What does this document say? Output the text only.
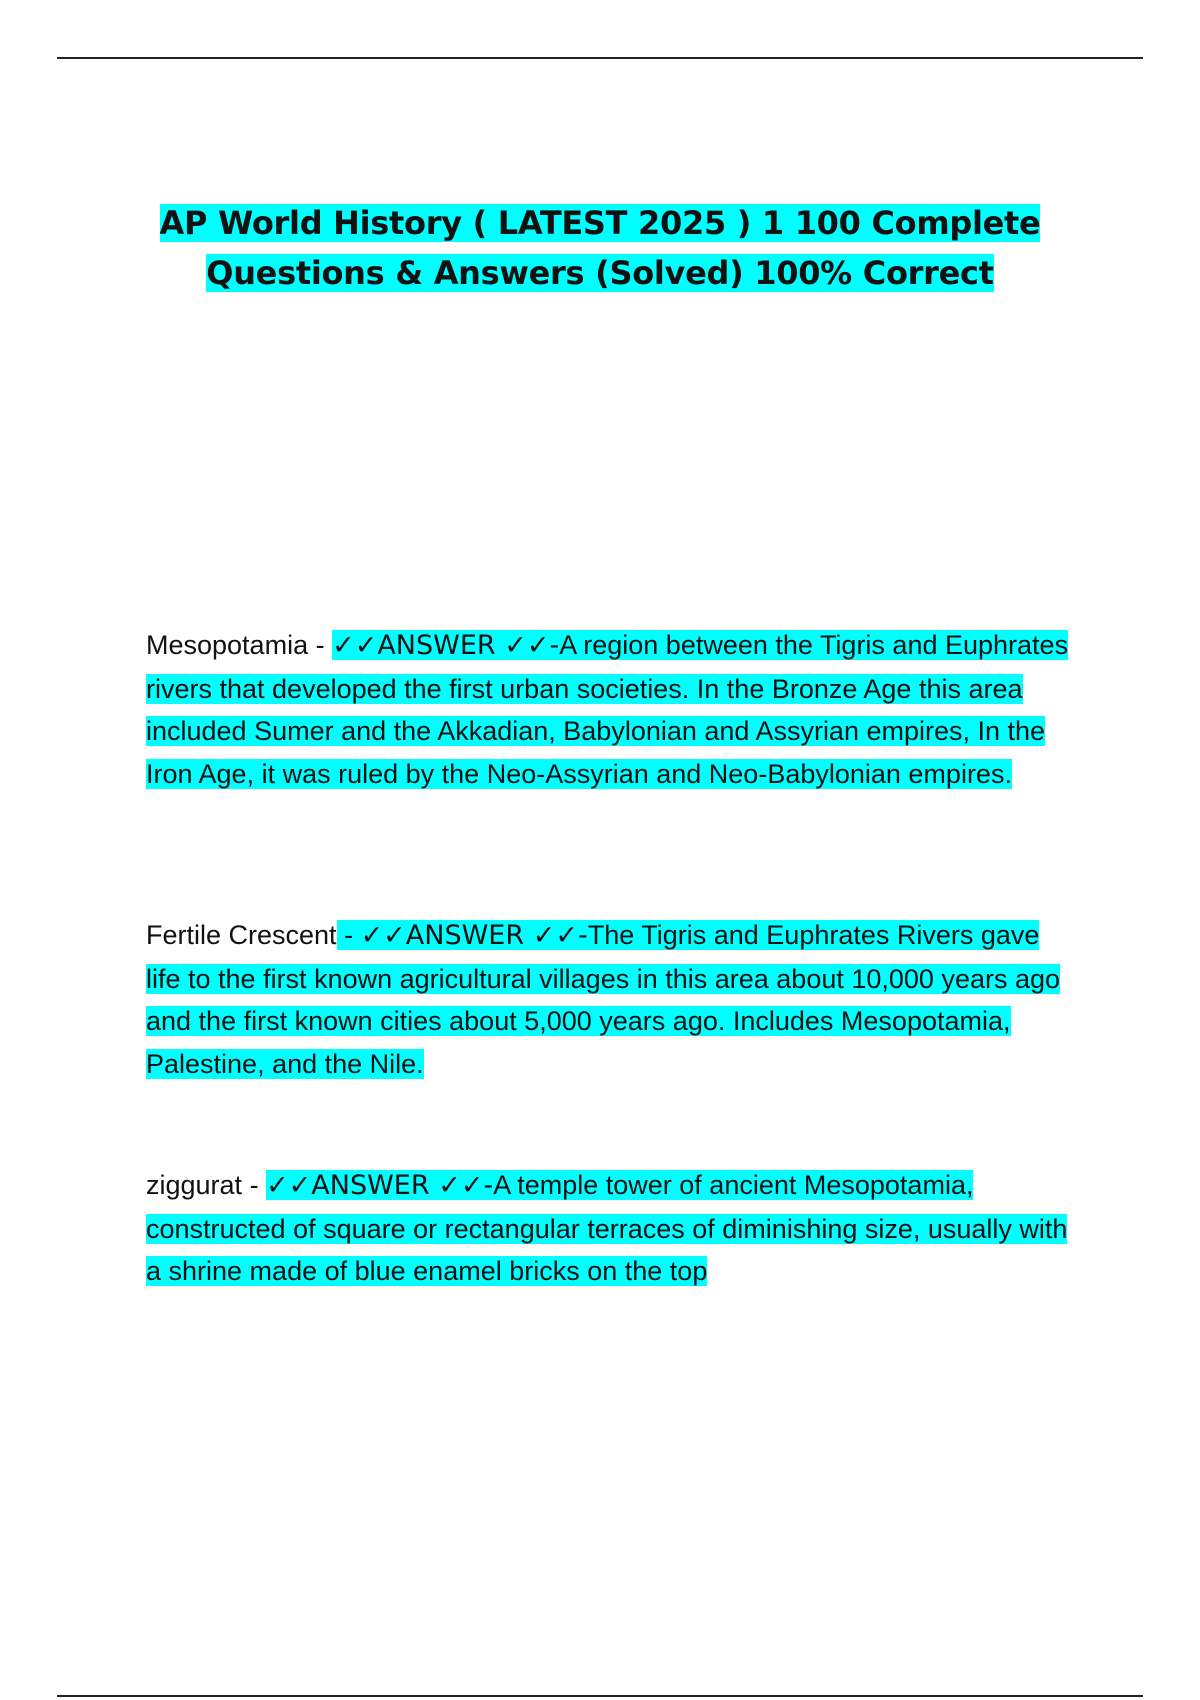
AP World History ( LATEST 2025 ) 1 100 Complete Questions & Answers (Solved) 100% Correct

Mesopotamia - ✓✓ANSWER ✓✓-A region between the Tigris and Euphrates rivers that developed the first urban societies. In the Bronze Age this area included Sumer and the Akkadian, Babylonian and Assyrian empires, In the Iron Age, it was ruled by the Neo-Assyrian and Neo-Babylonian empires.

Fertile Crescent - ✓✓ANSWER ✓✓-The Tigris and Euphrates Rivers gave life to the first known agricultural villages in this area about 10,000 years ago and the first known cities about 5,000 years ago. Includes Mesopotamia, Palestine, and the Nile.

ziggurat - ✓✓ANSWER ✓✓-A temple tower of ancient Mesopotamia, constructed of square or rectangular terraces of diminishing size, usually with a shrine made of blue enamel bricks on the top
